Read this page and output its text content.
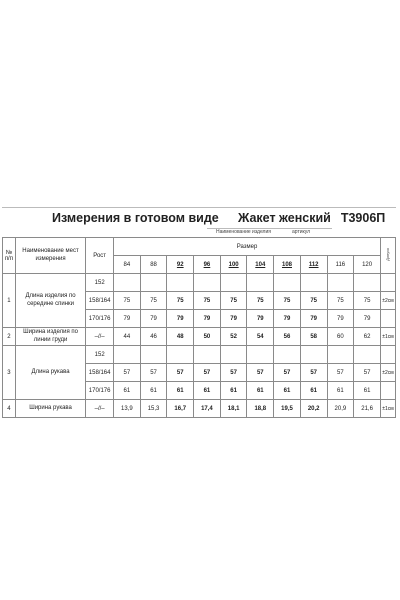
Измерения в готовом виде Жакет женский Т3906П
Наименование изделия	артикул
№ п/п	Наименование мест измерения	Рост	Размер										Допуск
			84	88	92	96	100	104	108	112	116	120	
1	Длина изделия по середине спинки	152											
		158/164	75	75	75	75	75	75	75	75	75	75	±2см
		170/176	79	79	79	79	79	79	79	79	79	79	
2	Ширина изделия по линии груди	–//–	44	46	48	50	52	54	56	58	60	62	±1см
3	Длина рукава	152											
		158/164	57	57	57	57	57	57	57	57	57	57	±2см
		170/176	61	61	61	61	61	61	61	61	61	61	
4	Ширина рукава	–//–	13,9	15,3	16,7	17,4	18,1	18,8	19,5	20,2	20,9	21,6	±1см
